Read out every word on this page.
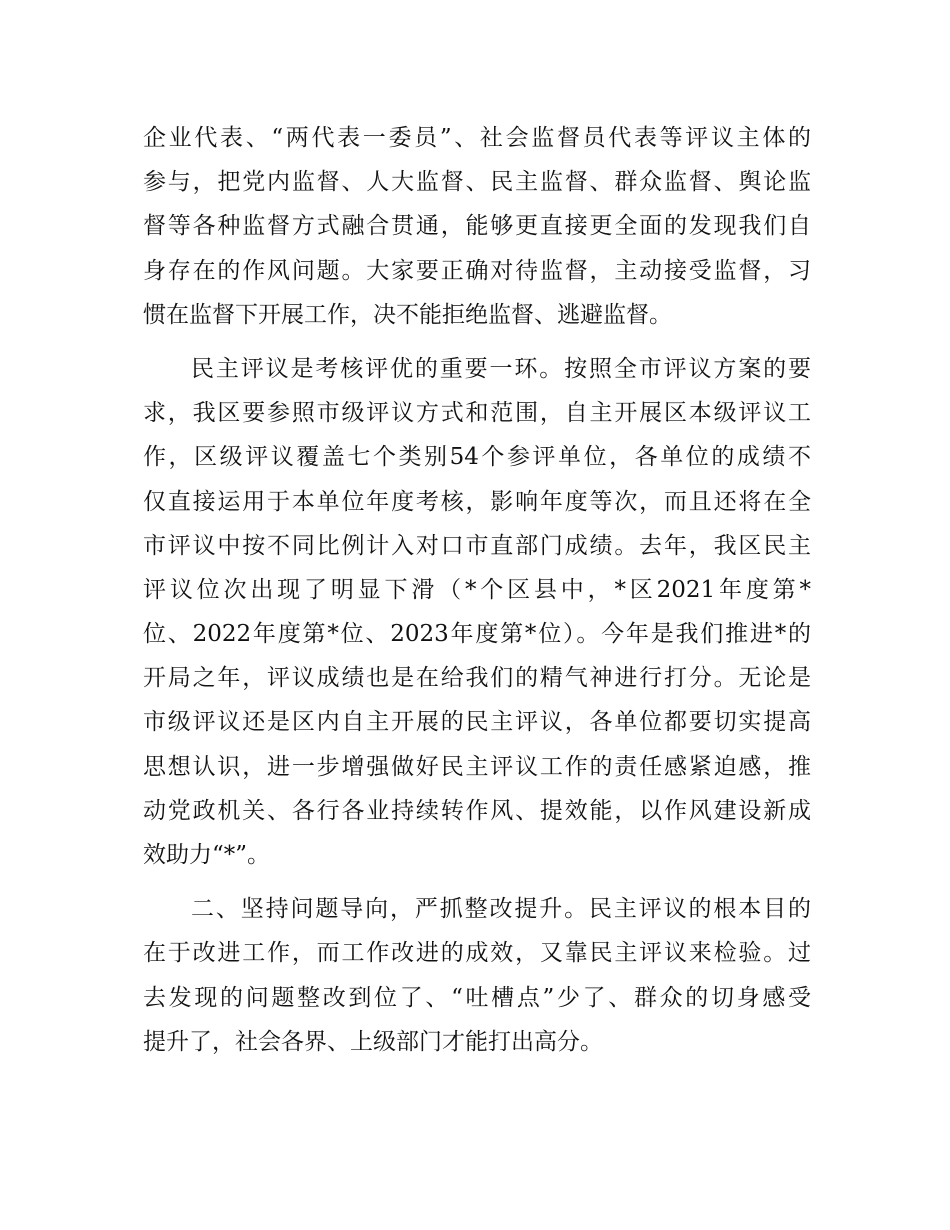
企业代表、“两代表一委员”、社会监督员代表等评议主体的
参与，把党内监督、人大监督、民主监督、群众监督、舆论监
督等各种监督方式融合贯通，能够更直接更全面的发现我们自
身存在的作风问题。大家要正确对待监督，主动接受监督，习
惯在监督下开展工作，决不能拒绝监督、逃避监督。
民主评议是考核评优的重要一环。按照全市评议方案的要
求，我区要参照市级评议方式和范围，自主开展区本级评议工
作，区级评议覆盖七个类别54个参评单位，各单位的成绩不
仅直接运用于本单位年度考核，影响年度等次，而且还将在全
市评议中按不同比例计入对口市直部门成绩。去年，我区民主
评议位次出现了明显下滑（*个区县中，*区2021年度第*
位、2022年度第*位、2023年度第*位）。今年是我们推进*的
开局之年，评议成绩也是在给我们的精气神进行打分。无论是
市级评议还是区内自主开展的民主评议，各单位都要切实提高
思想认识，进一步增强做好民主评议工作的责任感紧迫感，推
动党政机关、各行各业持续转作风、提效能，以作风建设新成
效助力“*”。
二、坚持问题导向，严抓整改提升。民主评议的根本目的
在于改进工作，而工作改进的成效，又靠民主评议来检验。过
去发现的问题整改到位了、“吐槽点”少了、群众的切身感受
提升了，社会各界、上级部门才能打出高分。
